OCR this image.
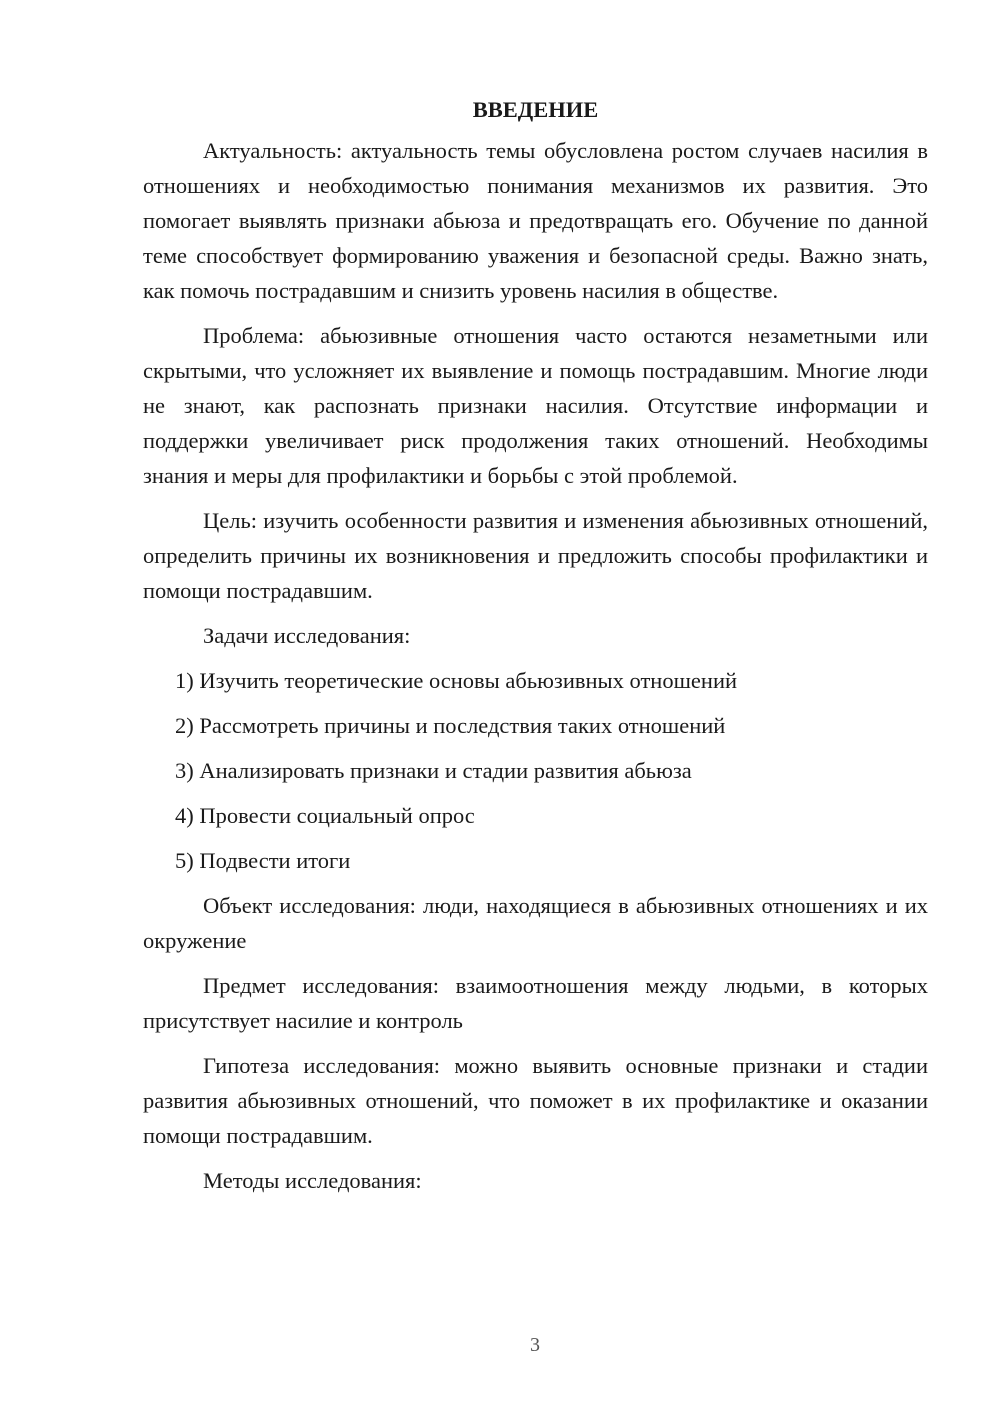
ВВЕДЕНИЕ

Актуальность: актуальность темы обусловлена ростом случаев насилия в отношениях и необходимостью понимания механизмов их развития. Это помогает выявлять признаки абьюза и предотвращать его. Обучение по данной теме способствует формированию уважения и безопасной среды. Важно знать, как помочь пострадавшим и снизить уровень насилия в обществе.

Проблема: абьюзивные отношения часто остаются незаметными или скрытыми, что усложняет их выявление и помощь пострадавшим. Многие люди не знают, как распознать признаки насилия. Отсутствие информации и поддержки увеличивает риск продолжения таких отношений. Необходимы знания и меры для профилактики и борьбы с этой проблемой.

Цель: изучить особенности развития и изменения абьюзивных отношений, определить причины их возникновения и предложить способы профилактики и помощи пострадавшим.

Задачи исследования:

1) Изучить теоретические основы абьюзивных отношений
2) Рассмотреть причины и последствия таких отношений
3) Анализировать признаки и стадии развития абьюза
4) Провести социальный опрос
5) Подвести итоги

Объект исследования: люди, находящиеся в абьюзивных отношениях и их окружение

Предмет исследования: взаимоотношения между людьми, в которых присутствует насилие и контроль

Гипотеза исследования: можно выявить основные признаки и стадии развития абьюзивных отношений, что поможет в их профилактике и оказании помощи пострадавшим.

Методы исследования:

3
